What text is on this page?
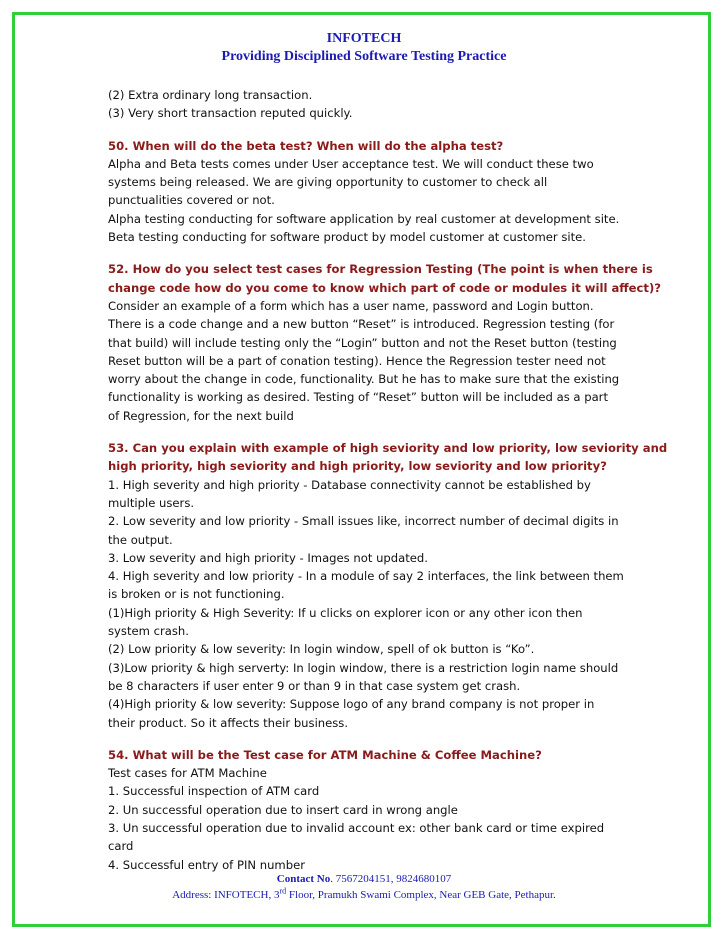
INFOTECH
Providing Disciplined Software Testing Practice
(2) Extra ordinary long transaction.
(3) Very short transaction reputed quickly.
50. When will do the beta test? When will do the alpha test?
Alpha and Beta tests comes under User acceptance test. We will conduct these two
systems being released. We are giving opportunity to customer to check all
punctualities covered or not.
Alpha testing conducting for software application by real customer at development site.
Beta testing conducting for software product by model customer at customer site.
52. How do you select test cases for Regression Testing (The point is when there is
change code how do you come to know which part of code or modules it will affect)?
Consider an example of a form which has a user name, password and Login button.
There is a code change and a new button “Reset” is introduced. Regression testing (for
that build) will include testing only the “Login” button and not the Reset button (testing
Reset button will be a part of conation testing). Hence the Regression tester need not
worry about the change in code, functionality. But he has to make sure that the existing
functionality is working as desired. Testing of “Reset” button will be included as a part
of Regression, for the next build
53. Can you explain with example of high seviority and low priority, low seviority and
high priority, high seviority and high priority, low seviority and low priority?
1. High severity and high priority - Database connectivity cannot be established by
multiple users.
2. Low severity and low priority - Small issues like, incorrect number of decimal digits in
the output.
3. Low severity and high priority - Images not updated.
4. High severity and low priority - In a module of say 2 interfaces, the link between them
is broken or is not functioning.
(1)High priority & High Severity: If u clicks on explorer icon or any other icon then
system crash.
(2) Low priority & low severity: In login window, spell of ok button is “Ko”.
(3)Low priority & high serverty: In login window, there is a restriction login name should
be 8 characters if user enter 9 or than 9 in that case system get crash.
(4)High priority & low severity: Suppose logo of any brand company is not proper in
their product. So it affects their business.
54. What will be the Test case for ATM Machine & Coffee Machine?
Test cases for ATM Machine
1. Successful inspection of ATM card
2. Un successful operation due to insert card in wrong angle
3. Un successful operation due to invalid account ex: other bank card or time expired
card
4. Successful entry of PIN number
Contact No. 7567204151, 9824680107
Address: INFOTECH, 3rd Floor, Pramukh Swami Complex, Near GEB Gate, Pethapur.
